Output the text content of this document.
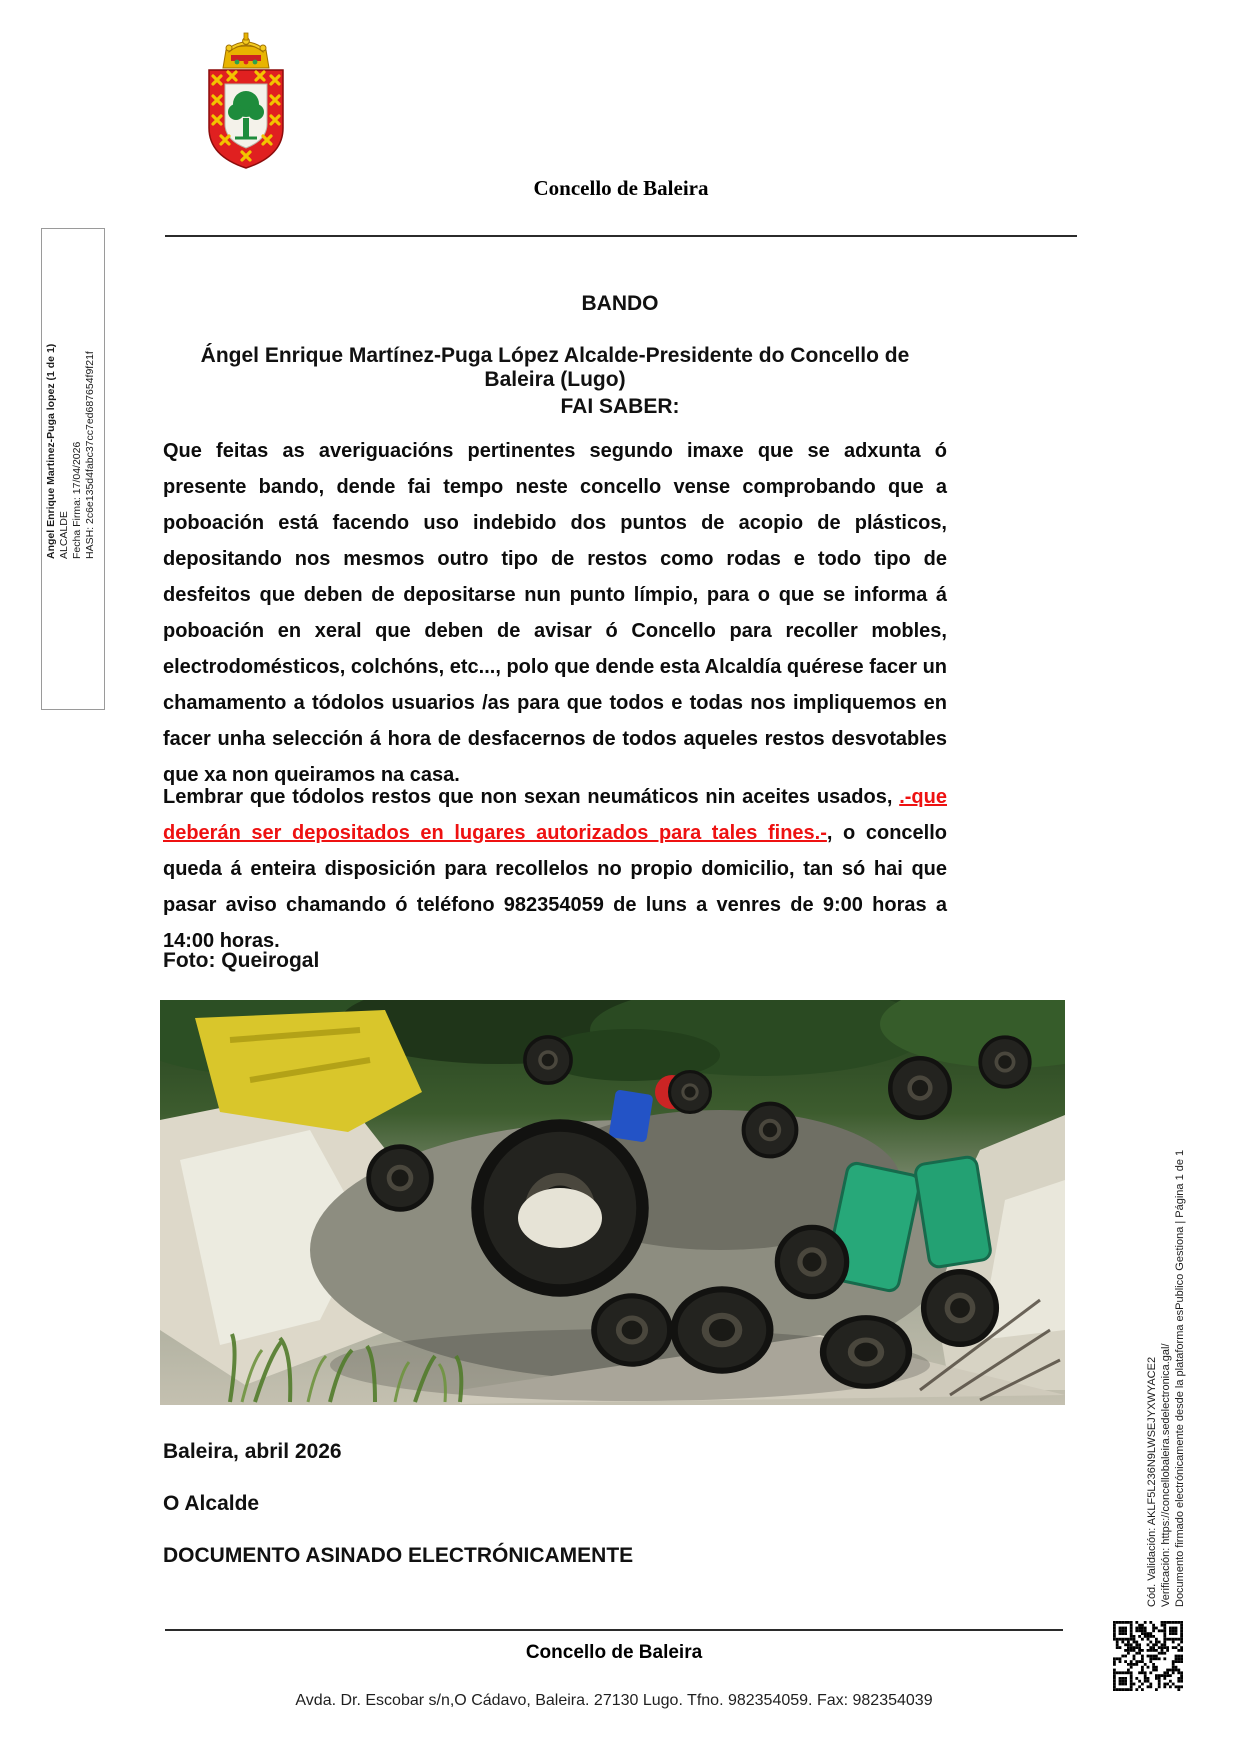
Concello de Baleira
Angel Enrique Martinez-Puga lopez (1 de 1) ALCALDE Fecha Firma: 17/04/2026 HASH: 2c6e135d4fabc37cc7ed687654f9f21f
BANDO
Ángel Enrique Martínez-Puga López Alcalde-Presidente do Concello de Baleira (Lugo)
FAI SABER:
Que feitas as averiguacións pertinentes segundo imaxe que se adxunta ó presente bando, dende fai tempo neste concello vense comprobando que a poboación está facendo uso indebido dos puntos de acopio de plásticos, depositando nos mesmos outro tipo de restos como rodas e todo tipo de desfeitos que deben de depositarse nun punto límpio, para o que se informa á poboación en xeral que deben de avisar ó Concello para recoller mobles, electrodomésticos, colchóns, etc..., polo que dende esta Alcaldía quérese facer un chamamento a tódolos usuarios /as para que todos e todas nos impliquemos en facer unha selección á hora de desfacernos de todos aqueles restos desvotables que xa non queiramos na casa.
Lembrar que tódolos restos que non sexan neumáticos nin aceites usados, .-que deberán ser depositados en lugares autorizados para tales fines.-, o concello queda á enteira disposición para recollelos no propio domicilio, tan só hai que pasar aviso chamando ó teléfono 982354059 de luns a venres de 9:00 horas a 14:00 horas.
Foto: Queirogal
Baleira, abril 2026
O Alcalde
DOCUMENTO ASINADO ELECTRÓNICAMENTE	Cód. Validación: AKLF5L236N9LWSEJYXWYACE2 Verificación: https://concellobaleira.sedelectronica.gal/ Documento firmado electrónicamente desde la plataforma esPublico Gestiona | Página 1 de 1
Concello de Baleira
Avda. Dr. Escobar s/n,O Cádavo, Baleira. 27130 Lugo. Tfno. 982354059. Fax: 982354039
